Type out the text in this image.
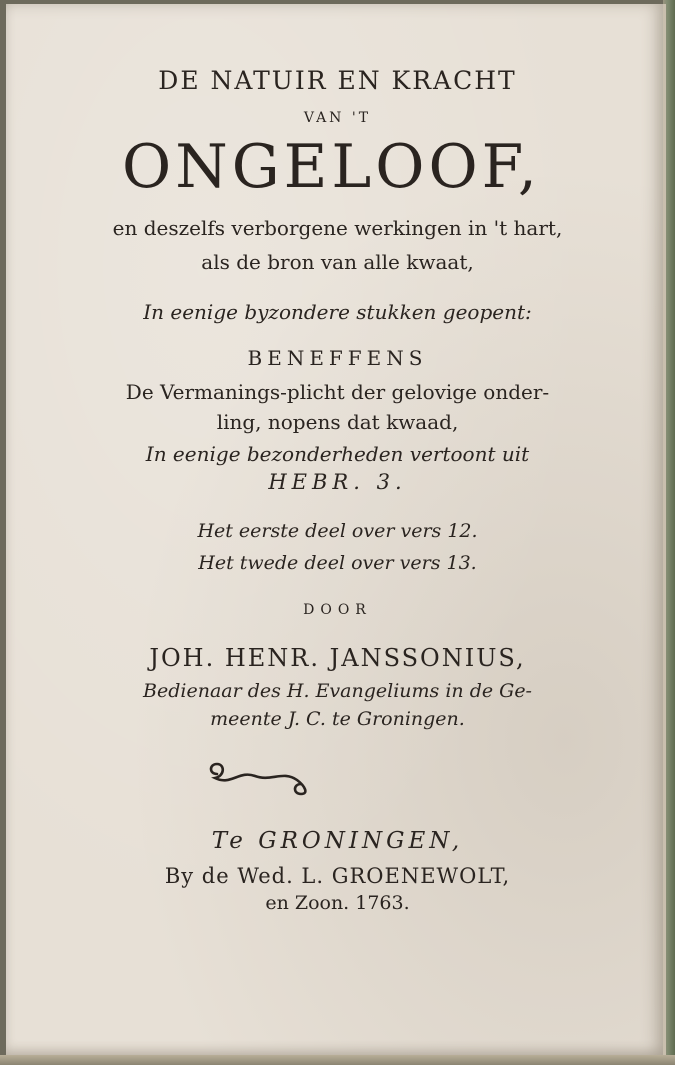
DE NATUIR EN KRACHT
VAN 'T
ONGELOOF,
en deszelfs verborgene werkingen in 't hart,
als de bron van alle kwaat,
In eenige byzondere stukken geopent:
BENEFFENS
De Vermanings-plicht der gelovige onder-
ling, nopens dat kwaad,
In eenige bezonderheden vertoont uit
HEBR. 3.
Het eerste deel over vers 12.
Het twede deel over vers 13.
DOOR
JOH. HENR. JANSSONIUS,
Bedienaar des H. Evangeliums in de Ge-
meente J. C. te Groningen.
Te GRONINGEN,
By de Wed. L. GROENEWOLT,
en Zoon. 1763.
